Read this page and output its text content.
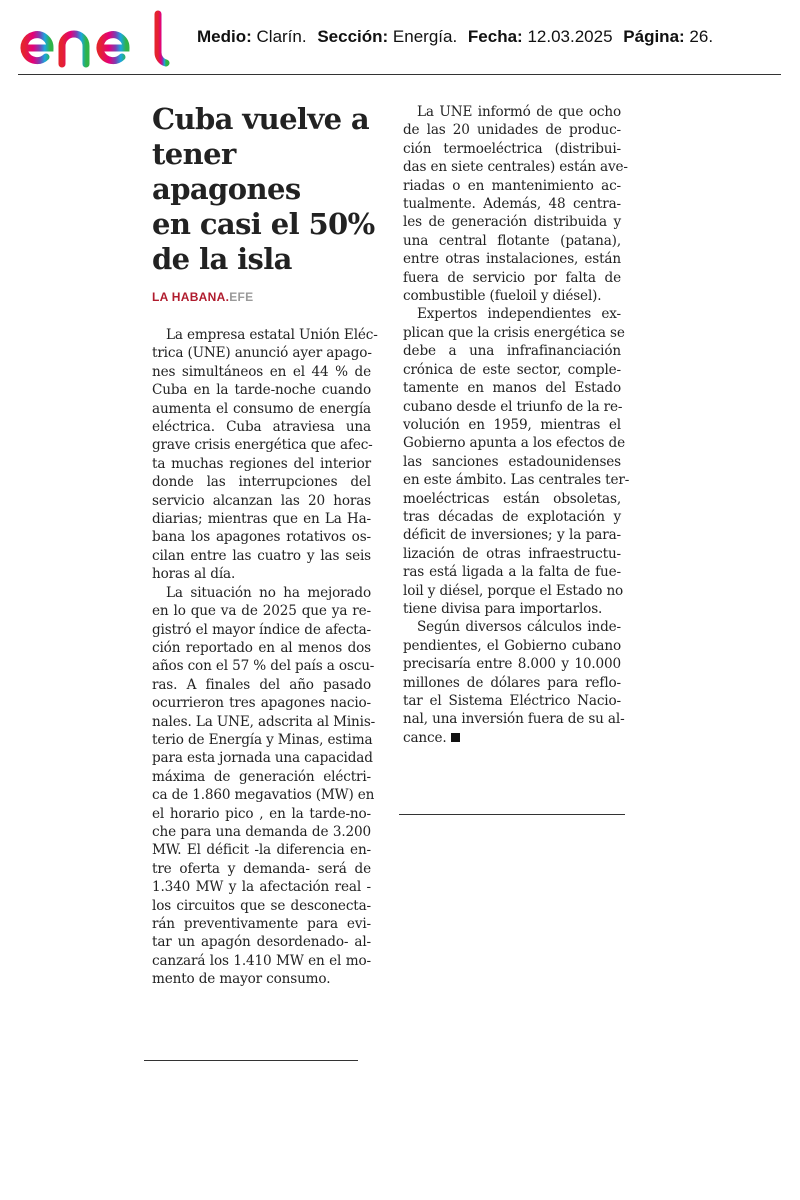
Medio: Clarín. Sección: Energía. Fecha: 12.03.2025 Página: 26.
Cuba vuelve a
tener apagones
en casi el 50%
de la isla
LA HABANA.EFE
La empresa estatal Unión Eléc-
trica (UNE) anunció ayer apago-
nes simultáneos en el 44 % de
Cuba en la tarde-noche cuando
aumenta el consumo de energía
eléctrica. Cuba atraviesa una
grave crisis energética que afec-
ta muchas regiones del interior
donde las interrupciones del
servicio alcanzan las 20 horas
diarias; mientras que en La Ha-
bana los apagones rotativos os-
cilan entre las cuatro y las seis
horas al día.
La situación no ha mejorado
en lo que va de 2025 que ya re-
gistró el mayor índice de afecta-
ción reportado en al menos dos
años con el 57 % del país a oscu-
ras. A finales del año pasado
ocurrieron tres apagones nacio-
nales. La UNE, adscrita al Minis-
terio de Energía y Minas, estima
para esta jornada una capacidad
máxima de generación eléctri-
ca de 1.860 megavatios (MW) en
el horario pico , en la tarde-no-
che para una demanda de 3.200
MW. El déficit -la diferencia en-
tre oferta y demanda- será de
1.340 MW y la afectación real -
los circuitos que se desconecta-
rán preventivamente para evi-
tar un apagón desordenado- al-
canzará los 1.410 MW en el mo-
mento de mayor consumo.
La UNE informó de que ocho
de las 20 unidades de produc-
ción termoeléctrica (distribui-
das en siete centrales) están ave-
riadas o en mantenimiento ac-
tualmente. Además, 48 centra-
les de generación distribuida y
una central flotante (patana),
entre otras instalaciones, están
fuera de servicio por falta de
combustible (fueloil y diésel).
Expertos independientes ex-
plican que la crisis energética se
debe a una infrafinanciación
crónica de este sector, comple-
tamente en manos del Estado
cubano desde el triunfo de la re-
volución en 1959, mientras el
Gobierno apunta a los efectos de
las sanciones estadounidenses
en este ámbito. Las centrales ter-
moeléctricas están obsoletas,
tras décadas de explotación y
déficit de inversiones; y la para-
lización de otras infraestructu-
ras está ligada a la falta de fue-
loil y diésel, porque el Estado no
tiene divisa para importarlos.
Según diversos cálculos inde-
pendientes, el Gobierno cubano
precisaría entre 8.000 y 10.000
millones de dólares para reflo-
tar el Sistema Eléctrico Nacio-
nal, una inversión fuera de su al-
cance.
